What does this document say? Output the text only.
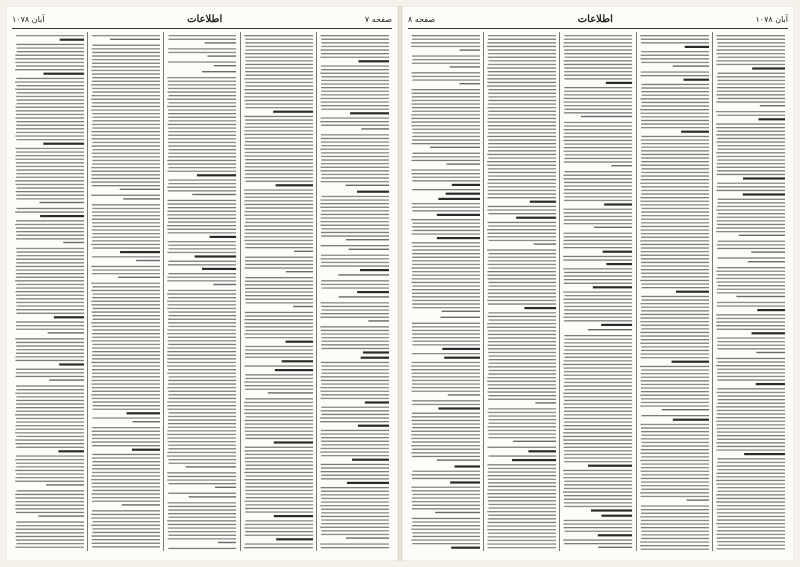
صفحه ۷
اطلاعات
آبان ۱۰۷۸	آبان ۱۰۷۸
اطلاعات
صفحه ۸
